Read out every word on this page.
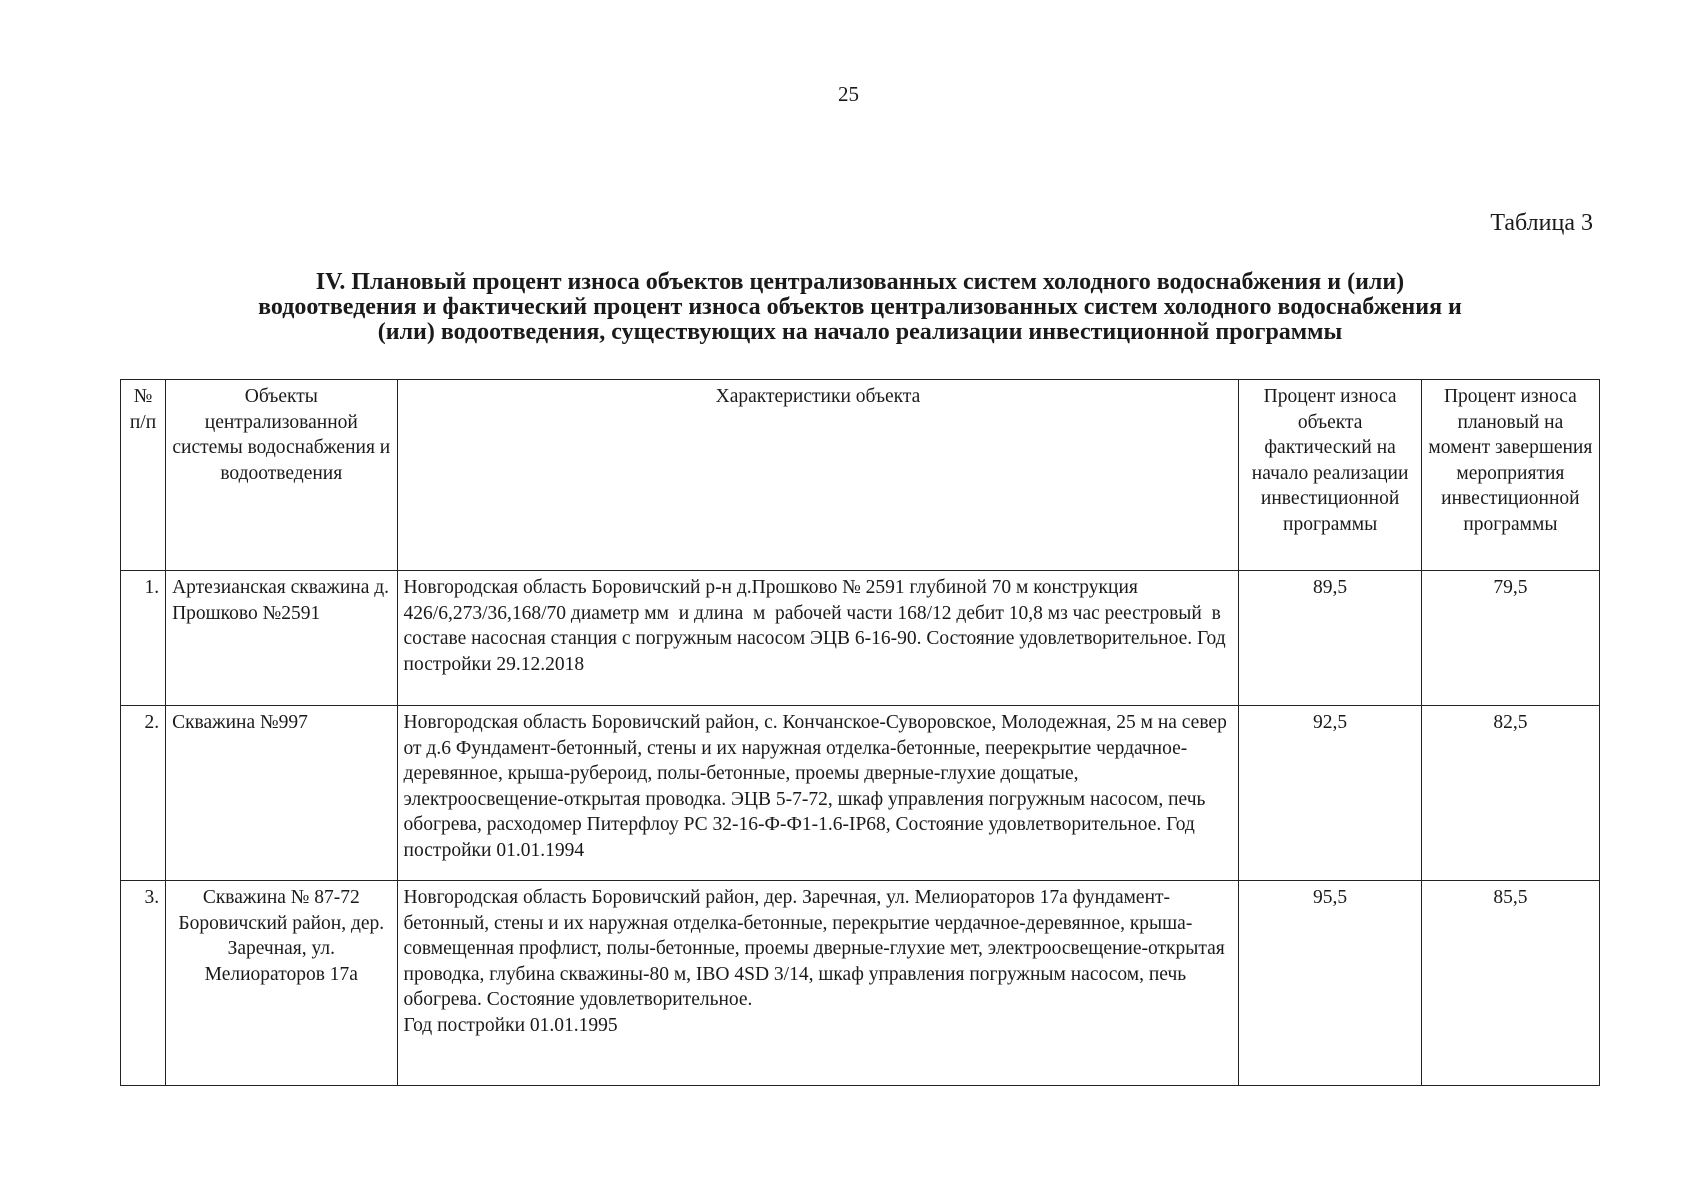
25
Таблица 3
IV. Плановый процент износа объектов централизованных систем холодного водоснабжения и (или)
водоотведения и фактический процент износа объектов централизованных систем холодного водоснабжения и
(или) водоотведения, существующих на начало реализации инвестиционной программы
№ п/п	Объекты централизованной системы водоснабжения и водоотведения	Характеристики объекта	Процент износа объекта фактический на начало реализации инвестиционной программы	Процент износа плановый на момент завершения мероприятия инвестиционной программы
1.	Артезианская скважина д. Прошково №2591	Новгородская область Боровичский р-н д.Прошково № 2591 глубиной 70 м конструкция 426/6,273/36,168/70 диаметр мм  и длина  м  рабочей части 168/12 дебит 10,8 мз час реестровый  в составе насосная станция с погружным насосом ЭЦВ 6-16-90. Состояние удовлетворительное. Год постройки 29.12.2018	89,5	79,5
2.	Скважина №997	Новгородская область Боровичский район, с. Кончанское-Суворовское, Молодежная, 25 м на север от д.6 Фундамент-бетонный, стены и их наружная отделка-бетонные, пеерекрытие чердачное-деревянное, крыша-рубероид, полы-бетонные, проемы дверные-глухие дощатые, электроосвещение-открытая проводка. ЭЦВ 5-7-72, шкаф управления погружным насосом, печь обогрева, расходомер Питерфлоу РС 32-16-Ф-Ф1-1.6-IP68, Состояние удовлетворительное. Год постройки 01.01.1994	92,5	82,5
3.	Скважина № 87-72 Боровичский район, дер. Заречная, ул. Мелиораторов 17а	Новгородская область Боровичский район, дер. Заречная, ул. Мелиораторов 17а фундамент-бетонный, стены и их наружная отделка-бетонные, перекрытие чердачное-деревянное, крыша-совмещенная профлист, полы-бетонные, проемы дверные-глухие мет, электроосвещение-открытая проводка, глубина скважины-80 м, IBO 4SD 3/14, шкаф управления погружным насосом, печь обогрева. Состояние удовлетворительное.
Год постройки 01.01.1995	95,5	85,5
